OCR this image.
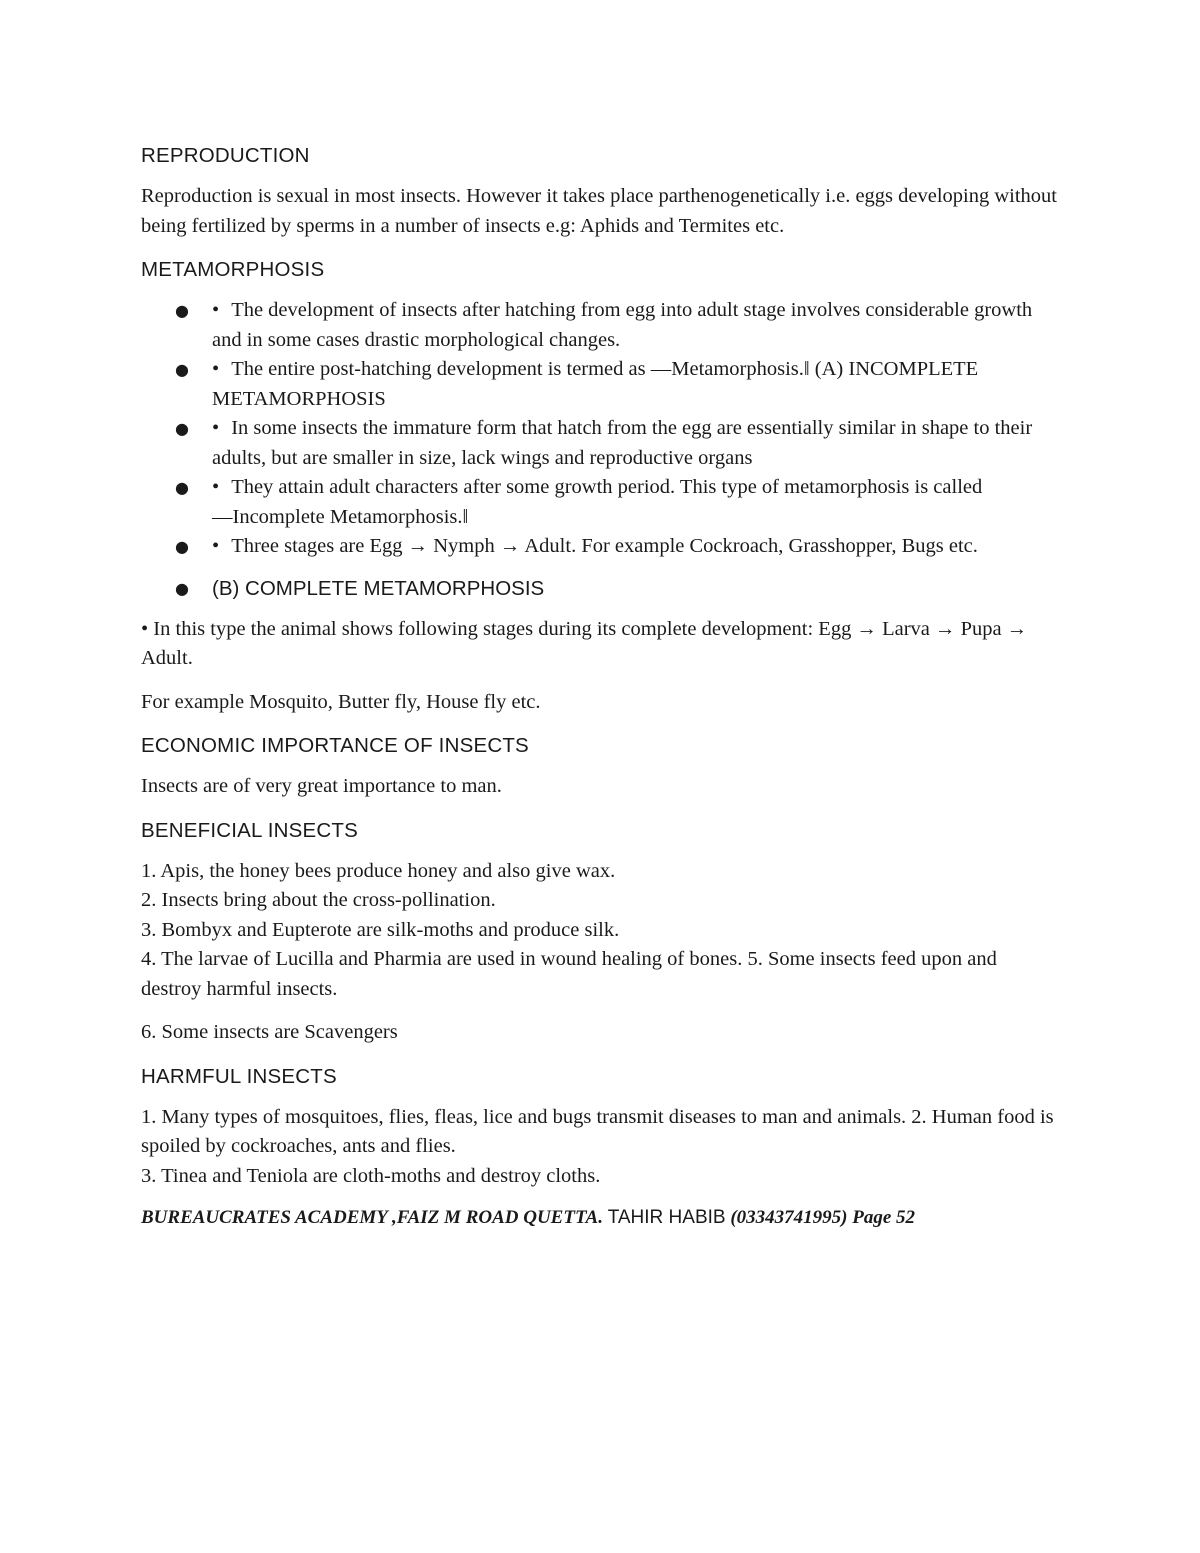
REPRODUCTION

Reproduction is sexual in most insects. However it takes place parthenogenetically i.e. eggs developing without being fertilized by sperms in a number of insects e.g: Aphids and Termites etc.

METAMORPHOSIS

● • The development of insects after hatching from egg into adult stage involves considerable growth and in some cases drastic morphological changes.
● • The entire post-hatching development is termed as ―Metamorphosis.‖ (A) INCOMPLETE METAMORPHOSIS
● • In some insects the immature form that hatch from the egg are essentially similar in shape to their adults, but are smaller in size, lack wings and reproductive organs
● • They attain adult characters after some growth period. This type of metamorphosis is called ―Incomplete Metamorphosis.‖
● • Three stages are Egg → Nymph → Adult. For example Cockroach, Grasshopper, Bugs etc.
● (B) COMPLETE METAMORPHOSIS

• In this type the animal shows following stages during its complete development: Egg → Larva → Pupa → Adult.

For example Mosquito, Butter fly, House fly etc.

ECONOMIC IMPORTANCE OF INSECTS

Insects are of very great importance to man.

BENEFICIAL INSECTS

1. Apis, the honey bees produce honey and also give wax.
2. Insects bring about the cross-pollination.
3. Bombyx and Eupterote are silk-moths and produce silk.
4. The larvae of Lucilla and Pharmia are used in wound healing of bones. 5. Some insects feed upon and destroy harmful insects.

6. Some insects are Scavengers

HARMFUL INSECTS

1. Many types of mosquitoes, flies, fleas, lice and bugs transmit diseases to man and animals. 2. Human food is spoiled by cockroaches, ants and flies.
3. Tinea and Teniola are cloth-moths and destroy cloths.
BUREAUCRATES ACADEMY ,FAIZ M ROAD QUETTA. TAHIR HABIB (03343741995) Page 52
